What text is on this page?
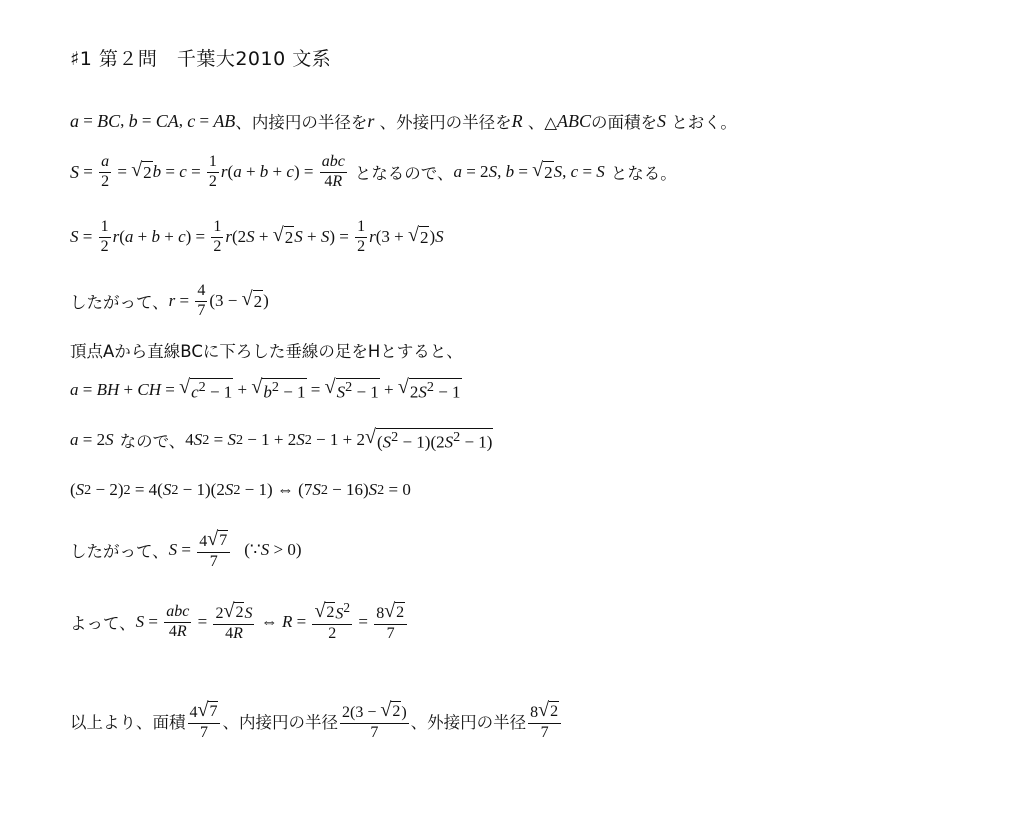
♯1 第２問　千葉大2010 文系
a = BC , b = CA , c = AB 、内接円の半径を r 、外接円の半径を R 、△ ABC の面積を S とおく。
$S = \frac{a}{2}$ = √ 2 $b = c = \frac{1}{2}$ r ( a + b + c ) = $\frac{\text{abc}}{4R}$ となるので、 a = 2 S , b = √ 2 S , c = S となる。
$S = \frac{1}{2}$ r ( a + b + c ) = $\frac{1}{2}$ r (2 S + √ 2 S + S ) = $\frac{1}{2}$ r (3 + √ 2 ) S
したがって、 $r = \frac{4}{7} (3$ − √ 2 )
頂点Aから直線BCに下ろした垂線の足をHとすると、
a = BH + CH = √ $c^2 - 1$ + √ $b^2 - 1$ = √ $S^2 - 1$ + √ $2S^2 - 1$
a = 2 S なので、 4 S 2 = S 2 − 1 + 2 S 2 − 1 + 2 √ $(S^2 - 1)(2S^2 - 1)$
( S 2 − 2) 2 = 4( S 2 − 1)(2 S 2 − 1) ⇔ (7 S 2 − 16) S 2 = 0
したがって、 $S = \frac{4 √ 7}{7}$ (∵ S > 0)
よって、 $S = \frac{\text{abc}}{4R} = \frac{2 √ 2 S}{4R}$ ⇔ $R = \frac{√ 2 S^2}{2} = \frac{8 √ 2}{7}$
以上より、面積 $\frac{4 √ 7}{7}$ 、内接円の半径 $\frac{2(3 - √ 2 )}{7}$ 、外接円の半径 $\frac{8 √ 2}{7}$
